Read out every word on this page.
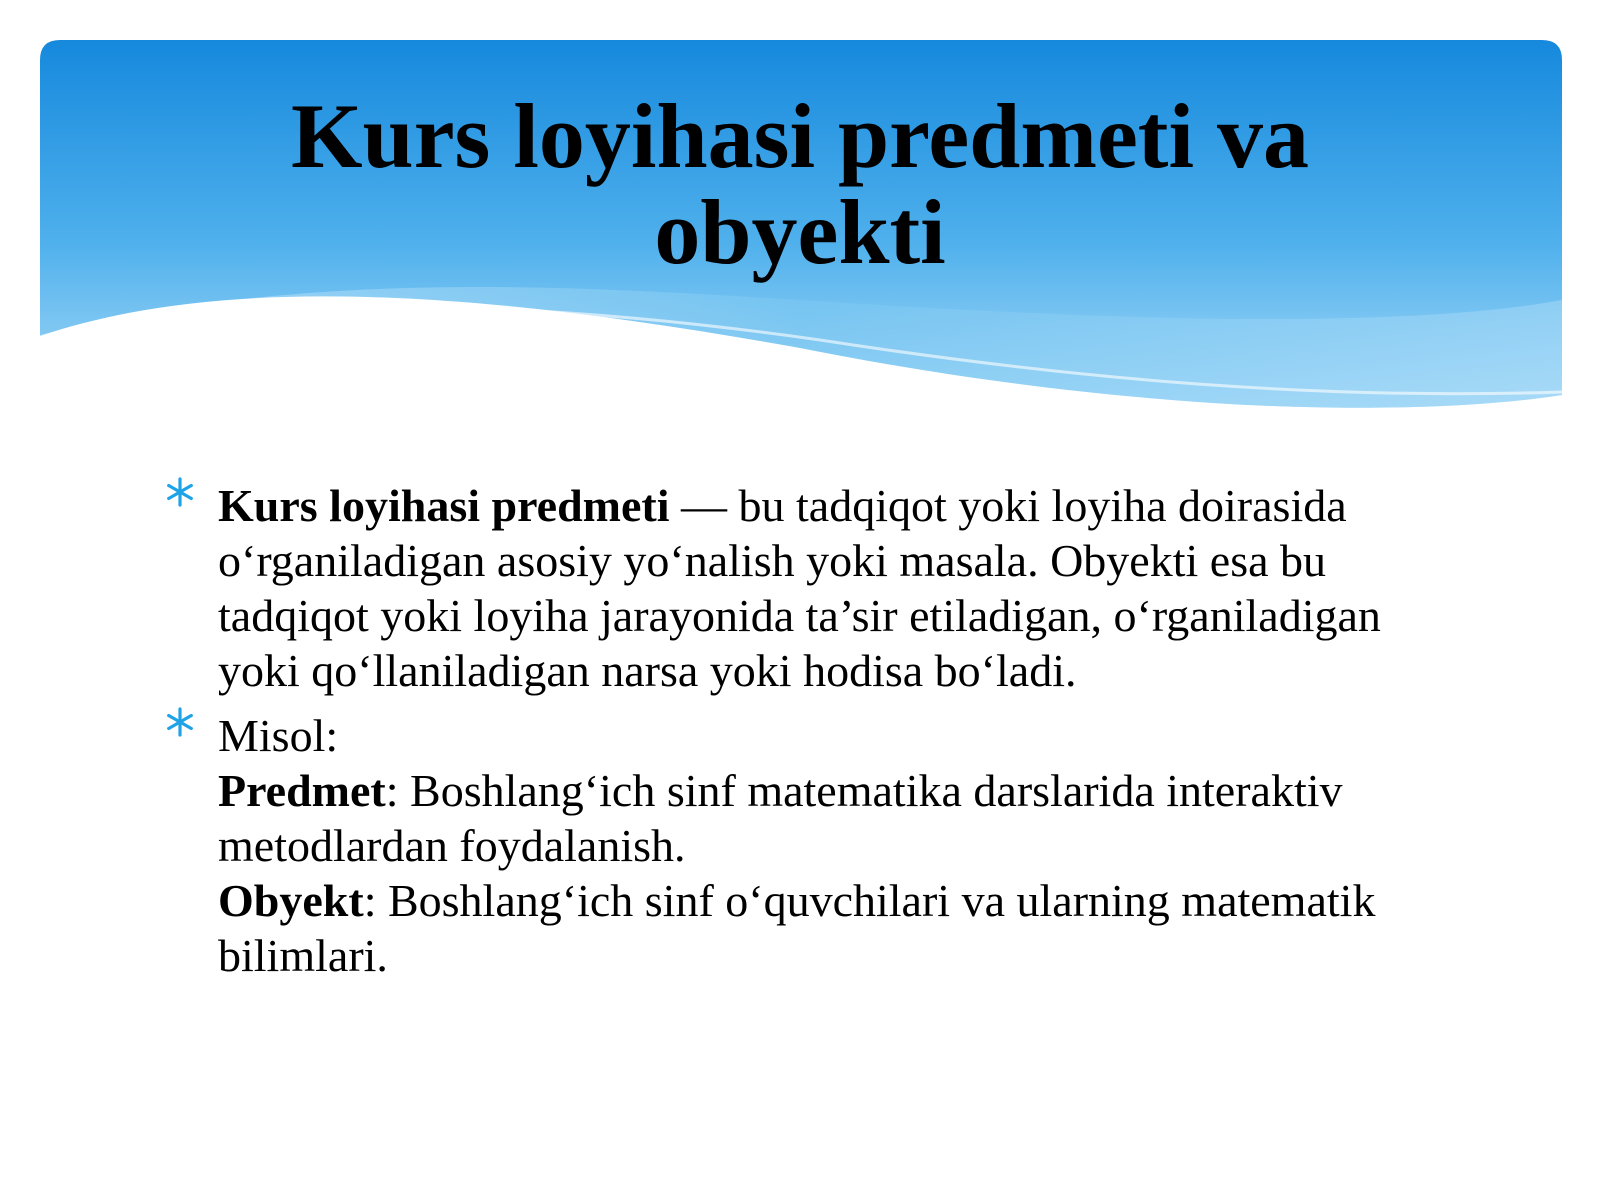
Kurs loyihasi predmeti va obyekti
Kurs loyihasi predmeti — bu tadqiqot yoki loyiha doirasida oʻrganiladigan asosiy yoʻnalish yoki masala. Obyekti esa bu tadqiqot yoki loyiha jarayonida ta’sir etiladigan, oʻrganiladigan yoki qoʻllaniladigan narsa yoki hodisa boʻladi.
Misol:
Predmet: Boshlangʻich sinf matematika darslarida interaktiv metodlardan foydalanish.
Obyekt: Boshlangʻich sinf oʻquvchilari va ularning matematik bilimlari.
